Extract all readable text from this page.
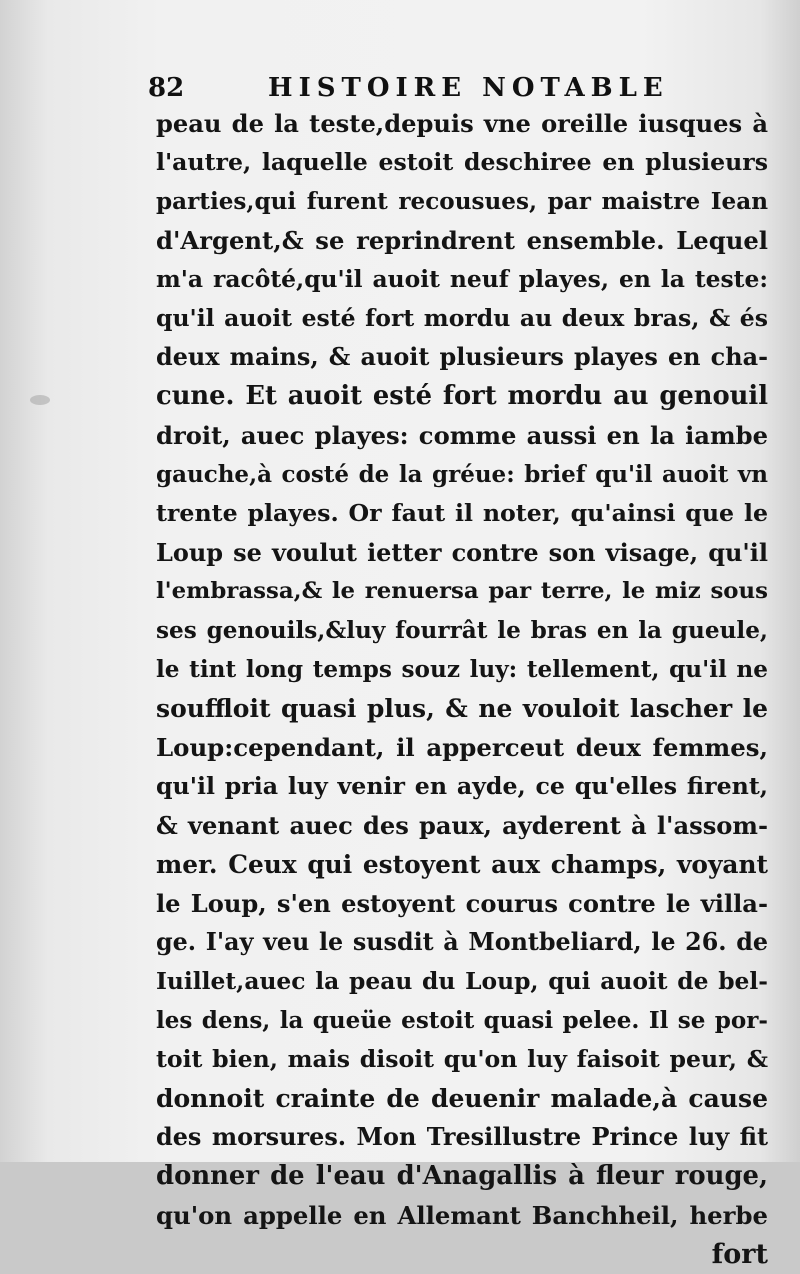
82	HISTOIRE NOTABLE
peau de la teste,depuis vne oreille iusques à
l'autre, laquelle estoit deschiree en plusieurs
parties,qui furent recousues, par maistre Iean
d'Argent,& se reprindrent ensemble. Lequel
m'a racôté,qu'il auoit neuf playes, en la teste:
qu'il auoit esté fort mordu au deux bras, & és
deux mains, & auoit plusieurs playes en cha-
cune. Et auoit esté fort mordu au genouil
droit, auec playes: comme aussi en la iambe
gauche,à costé de la gréue: brief qu'il auoit vn
trente playes. Or faut il noter, qu'ainsi que le
Loup se voulut ietter contre son visage, qu'il
l'embrassa,& le renuersa par terre, le miz sous
ses genouils,&luy fourrât le bras en la gueule,
le tint long temps souz luy: tellement, qu'il ne
souffloit quasi plus, & ne vouloit lascher le
Loup:cependant, il apperceut deux femmes,
qu'il pria luy venir en ayde, ce qu'elles firent,
& venant auec des paux, ayderent à l'assom-
mer. Ceux qui estoyent aux champs, voyant
le Loup, s'en estoyent courus contre le villa-
ge. I'ay veu le susdit à Montbeliard, le 26. de
Iuillet,auec la peau du Loup, qui auoit de bel-
les dens, la queüe estoit quasi pelee. Il se por-
toit bien, mais disoit qu'on luy faisoit peur, &
donnoit crainte de deuenir malade,à cause
des morsures. Mon Tresillustre Prince luy fit
donner de l'eau d'Anagallis à fleur rouge,
qu'on appelle en Allemant Banchheil, herbe
fort
